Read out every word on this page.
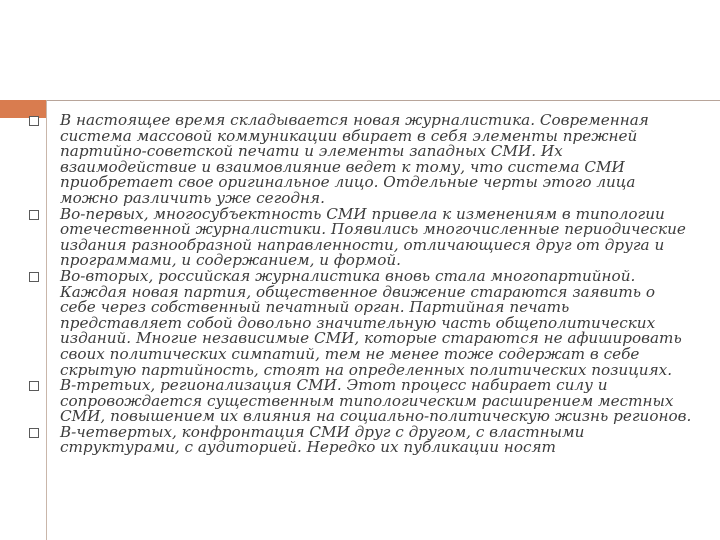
В настоящее время складывается новая журналистика. Современная система массовой коммуникации вбирает в себя элементы прежней партийно-советской печати и элементы западных СМИ. Их взаимодействие и взаимовлияние ведет к тому, что система СМИ приобретает свое оригинальное лицо. Отдельные черты этого лица можно различить уже сегодня.
Во-первых, многосубъектность СМИ привела к изменениям в типологии отечественной журналистики. Появились многочисленные периодические издания разнообразной направленности, отличающиеся друг от друга и программами, и содержанием, и формой.
Во-вторых, российская журналистика вновь стала многопартийной. Каждая новая партия, общественное движение стараются заявить о себе через собственный печатный орган. Партийная печать представляет собой довольно значительную часть общеполитических изданий. Многие независимые СМИ, которые стараются не афишировать своих политических симпатий, тем не менее тоже содержат в себе скрытую партийность, стоят на определенных политических позициях.
В-третьих, регионализация СМИ. Этот процесс набирает силу и сопровождается существенным типологическим расширением местных СМИ, повышением их влияния на социально-политическую жизнь регионов.
В-четвертых, конфронтация СМИ друг с другом, с властными структурами, с аудиторией. Нередко их публикации носят
